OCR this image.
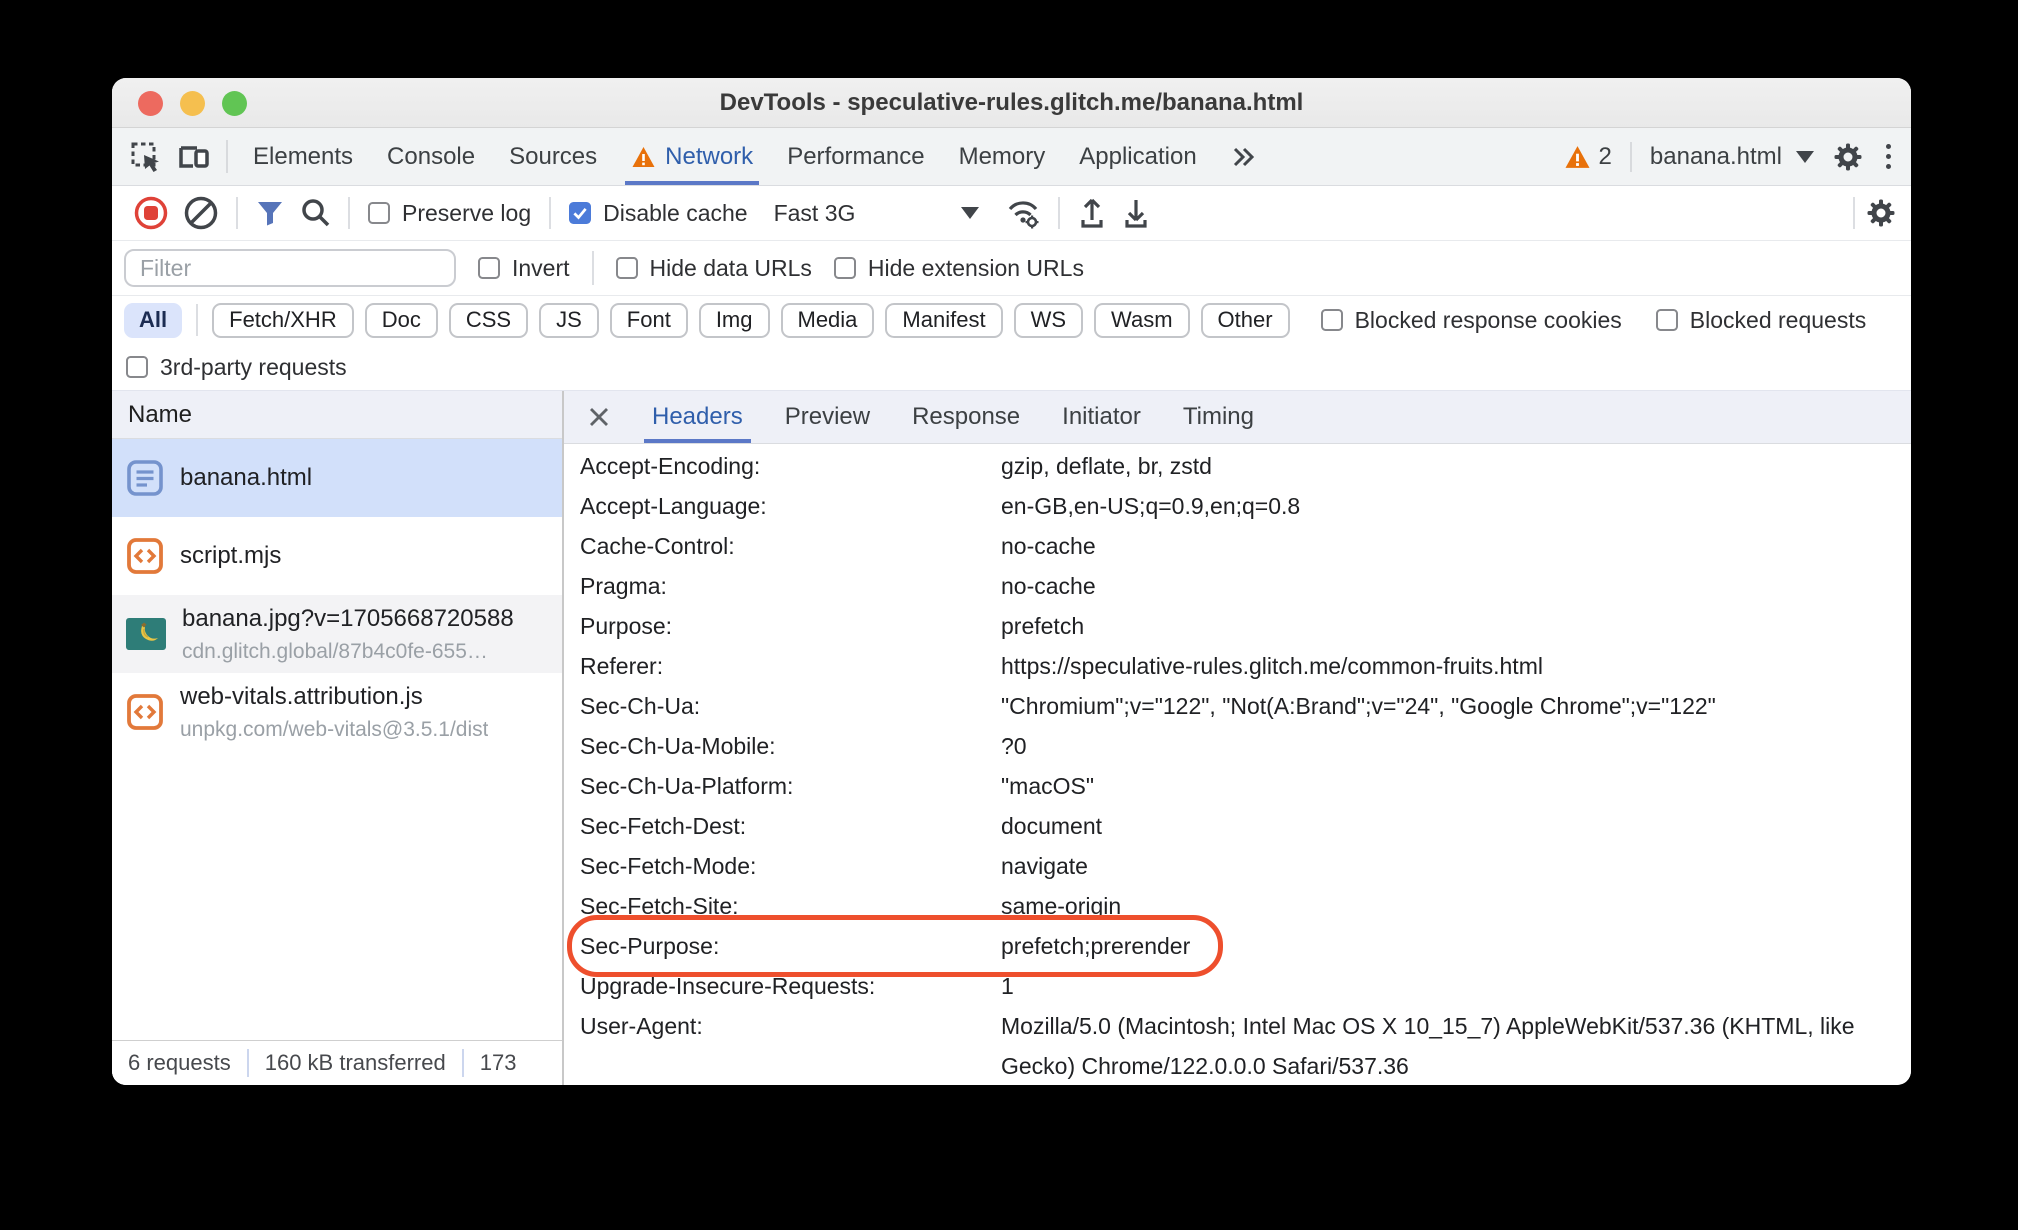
DevTools - speculative-rules.glitch.me/banana.html
Elements Console Sources	Network Performance Memory Application	2 banana.html
Preserve log	Disable cache Fast 3G
Filter
Invert	Hide data URLs Hide extension URLs
All	Fetch/XHR	Doc	CSS	JS	Font	Img	Media	Manifest	WS	Wasm	Other	Blocked response cookies	Blocked requests
3rd-party requests
Name
banana.html
script.mjs
banana.jpg?v=1705668720588
cdn.glitch.global/87b4c0fe-655…
web-vitals.attribution.js
unpkg.com/web-vitals@3.5.1/dist
6 requests	160 kB transferred	173
Headers Preview Response Initiator Timing
Accept-Encoding:	gzip, deflate, br, zstd
Accept-Language:	en-GB,en-US;q=0.9,en;q=0.8
Cache-Control:	no-cache
Pragma:	no-cache
Purpose:	prefetch
Referer:	https://speculative-rules.glitch.me/common-fruits.html
Sec-Ch-Ua:	"Chromium";v="122", "Not(A:Brand";v="24", "Google Chrome";v="122"
Sec-Ch-Ua-Mobile:	?0
Sec-Ch-Ua-Platform:	"macOS"
Sec-Fetch-Dest:	document
Sec-Fetch-Mode:	navigate
Sec-Fetch-Site:	same-origin
Sec-Purpose:	prefetch;prerender
Upgrade-Insecure-Requests:	1
User-Agent:	Mozilla/5.0 (Macintosh; Intel Mac OS X 10_15_7) AppleWebKit/537.36 (KHTML, like Gecko) Chrome/122.0.0.0 Safari/537.36
